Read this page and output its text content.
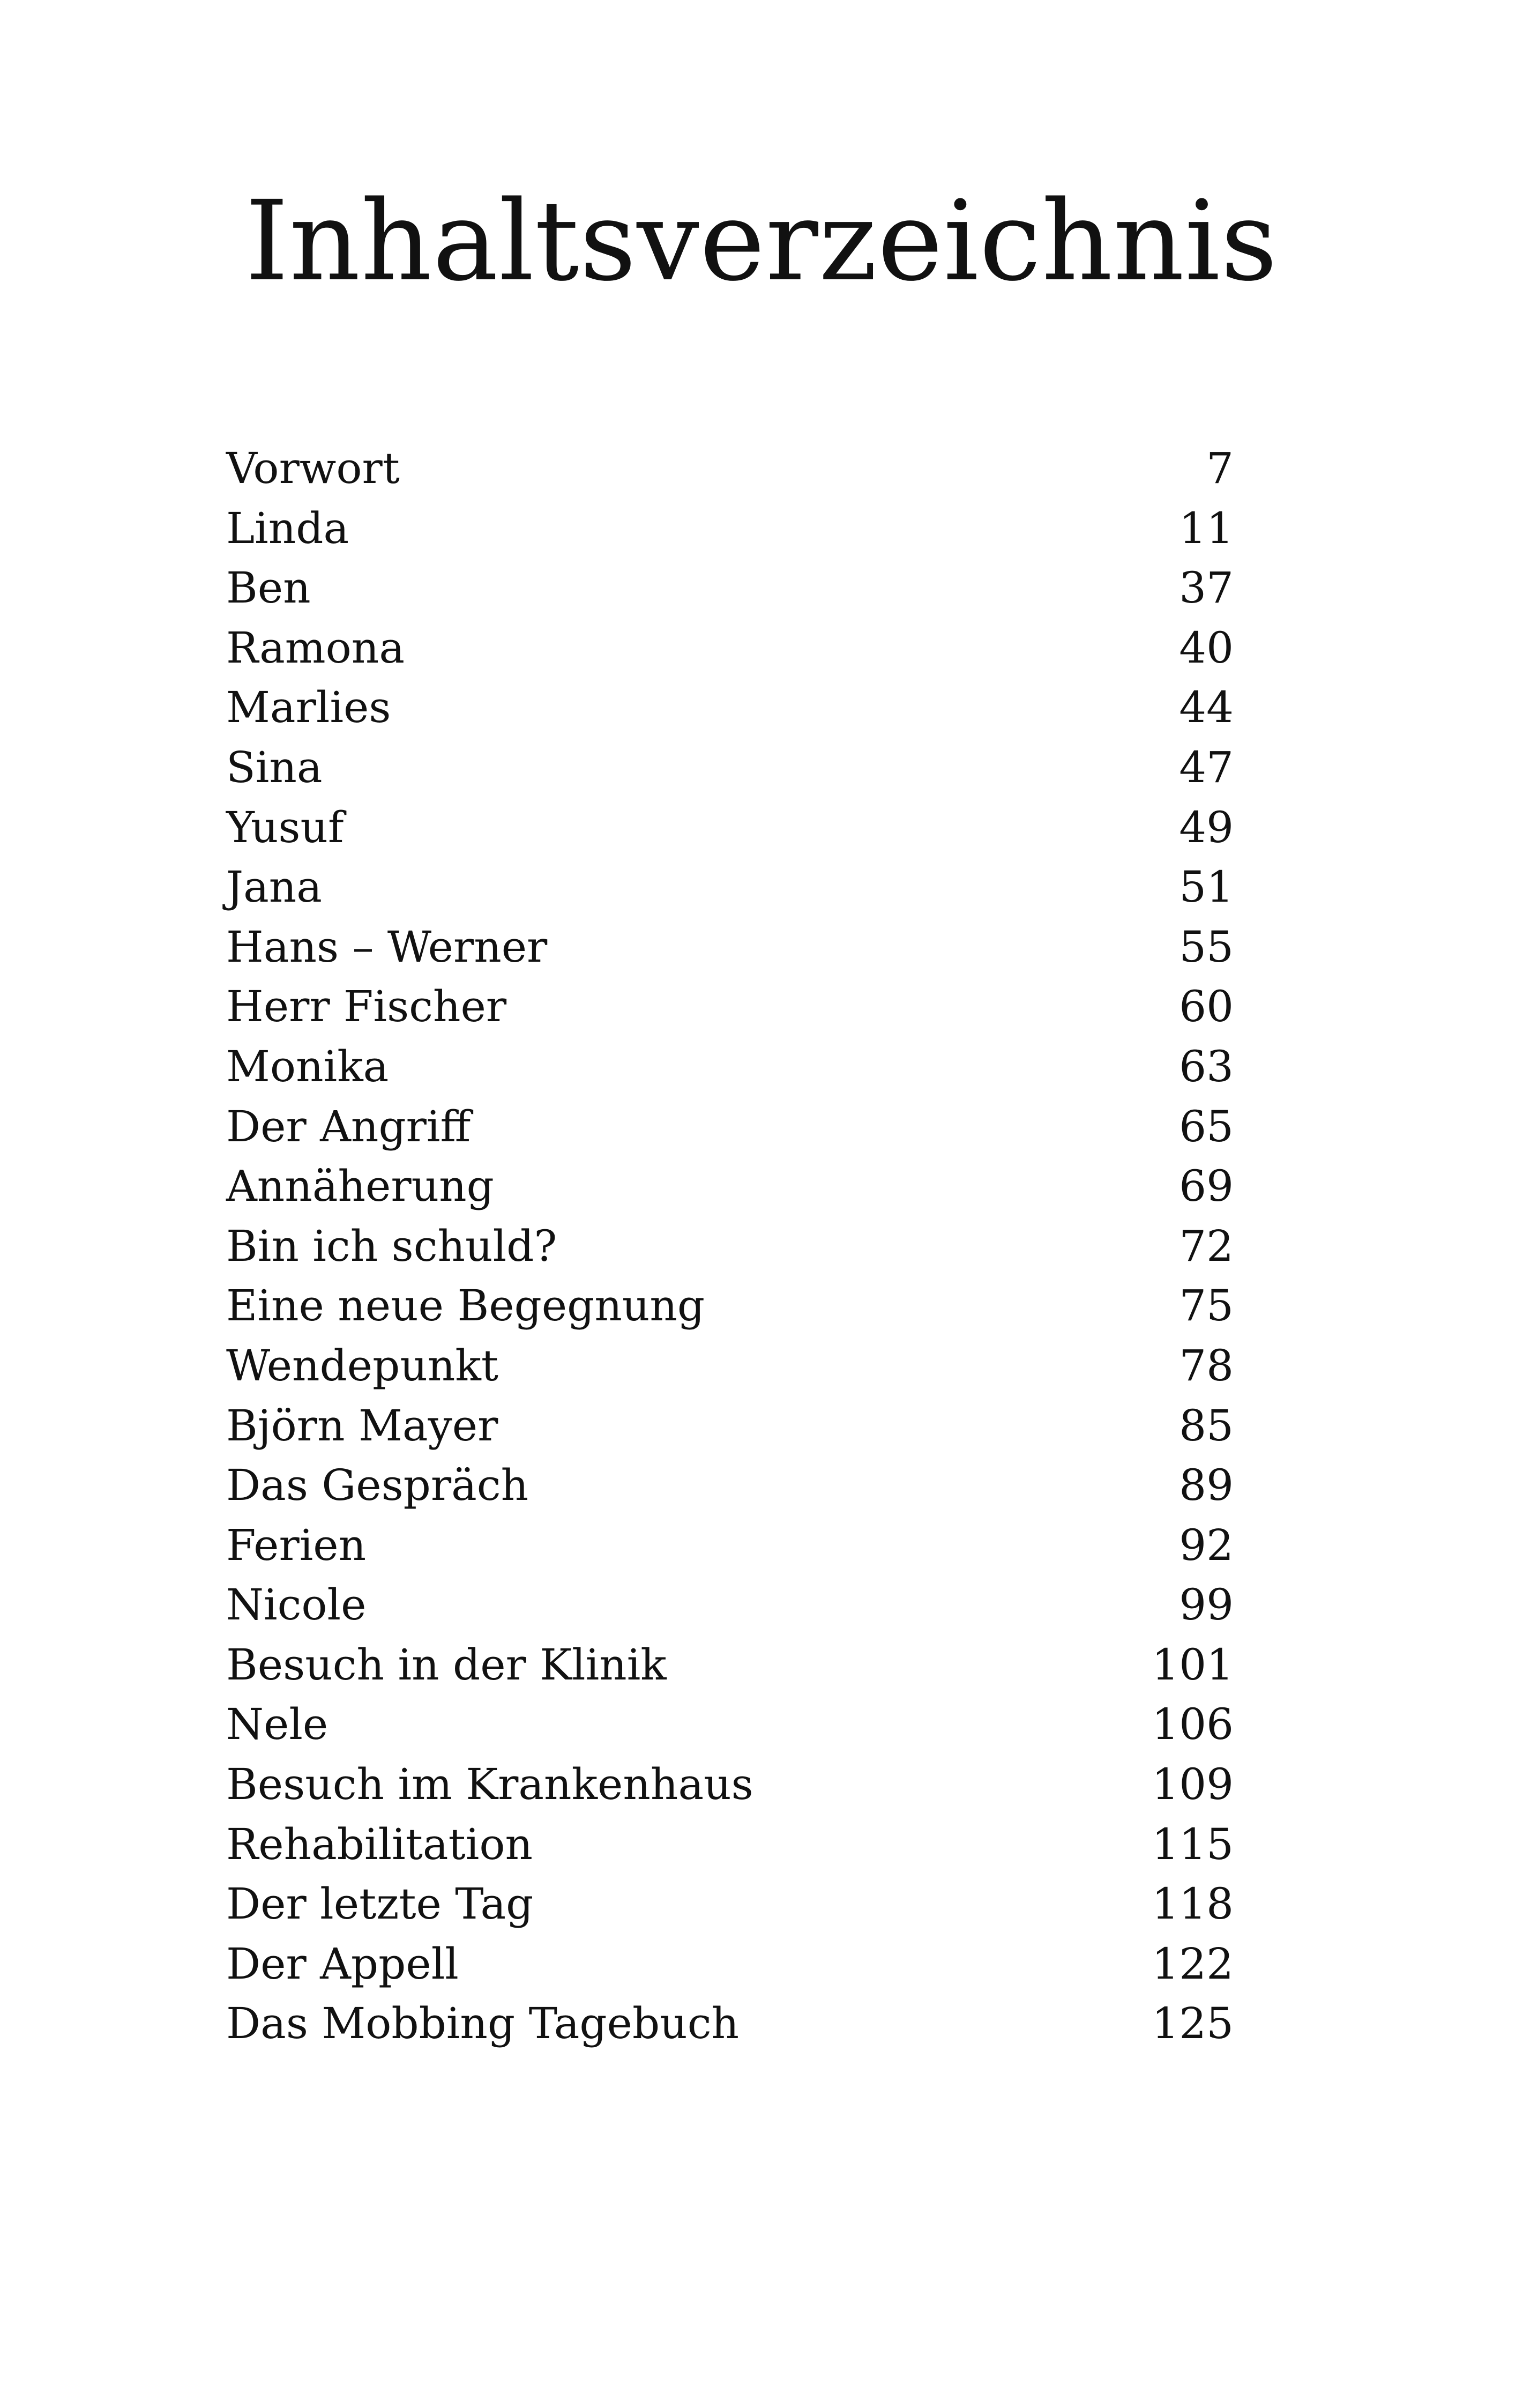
Inhaltsverzeichnis
Vorwort	7
Linda	11
Ben	37
Ramona	40
Marlies	44
Sina	47
Yusuf	49
Jana	51
Hans – Werner	55
Herr Fischer	60
Monika	63
Der Angriff	65
Annäherung	69
Bin ich schuld?	72
Eine neue Begegnung	75
Wendepunkt	78
Björn Mayer	85
Das Gespräch	89
Ferien	92
Nicole	99
Besuch in der Klinik	101
Nele	106
Besuch im Krankenhaus	109
Rehabilitation	115
Der letzte Tag	118
Der Appell	122
Das Mobbing Tagebuch	125
